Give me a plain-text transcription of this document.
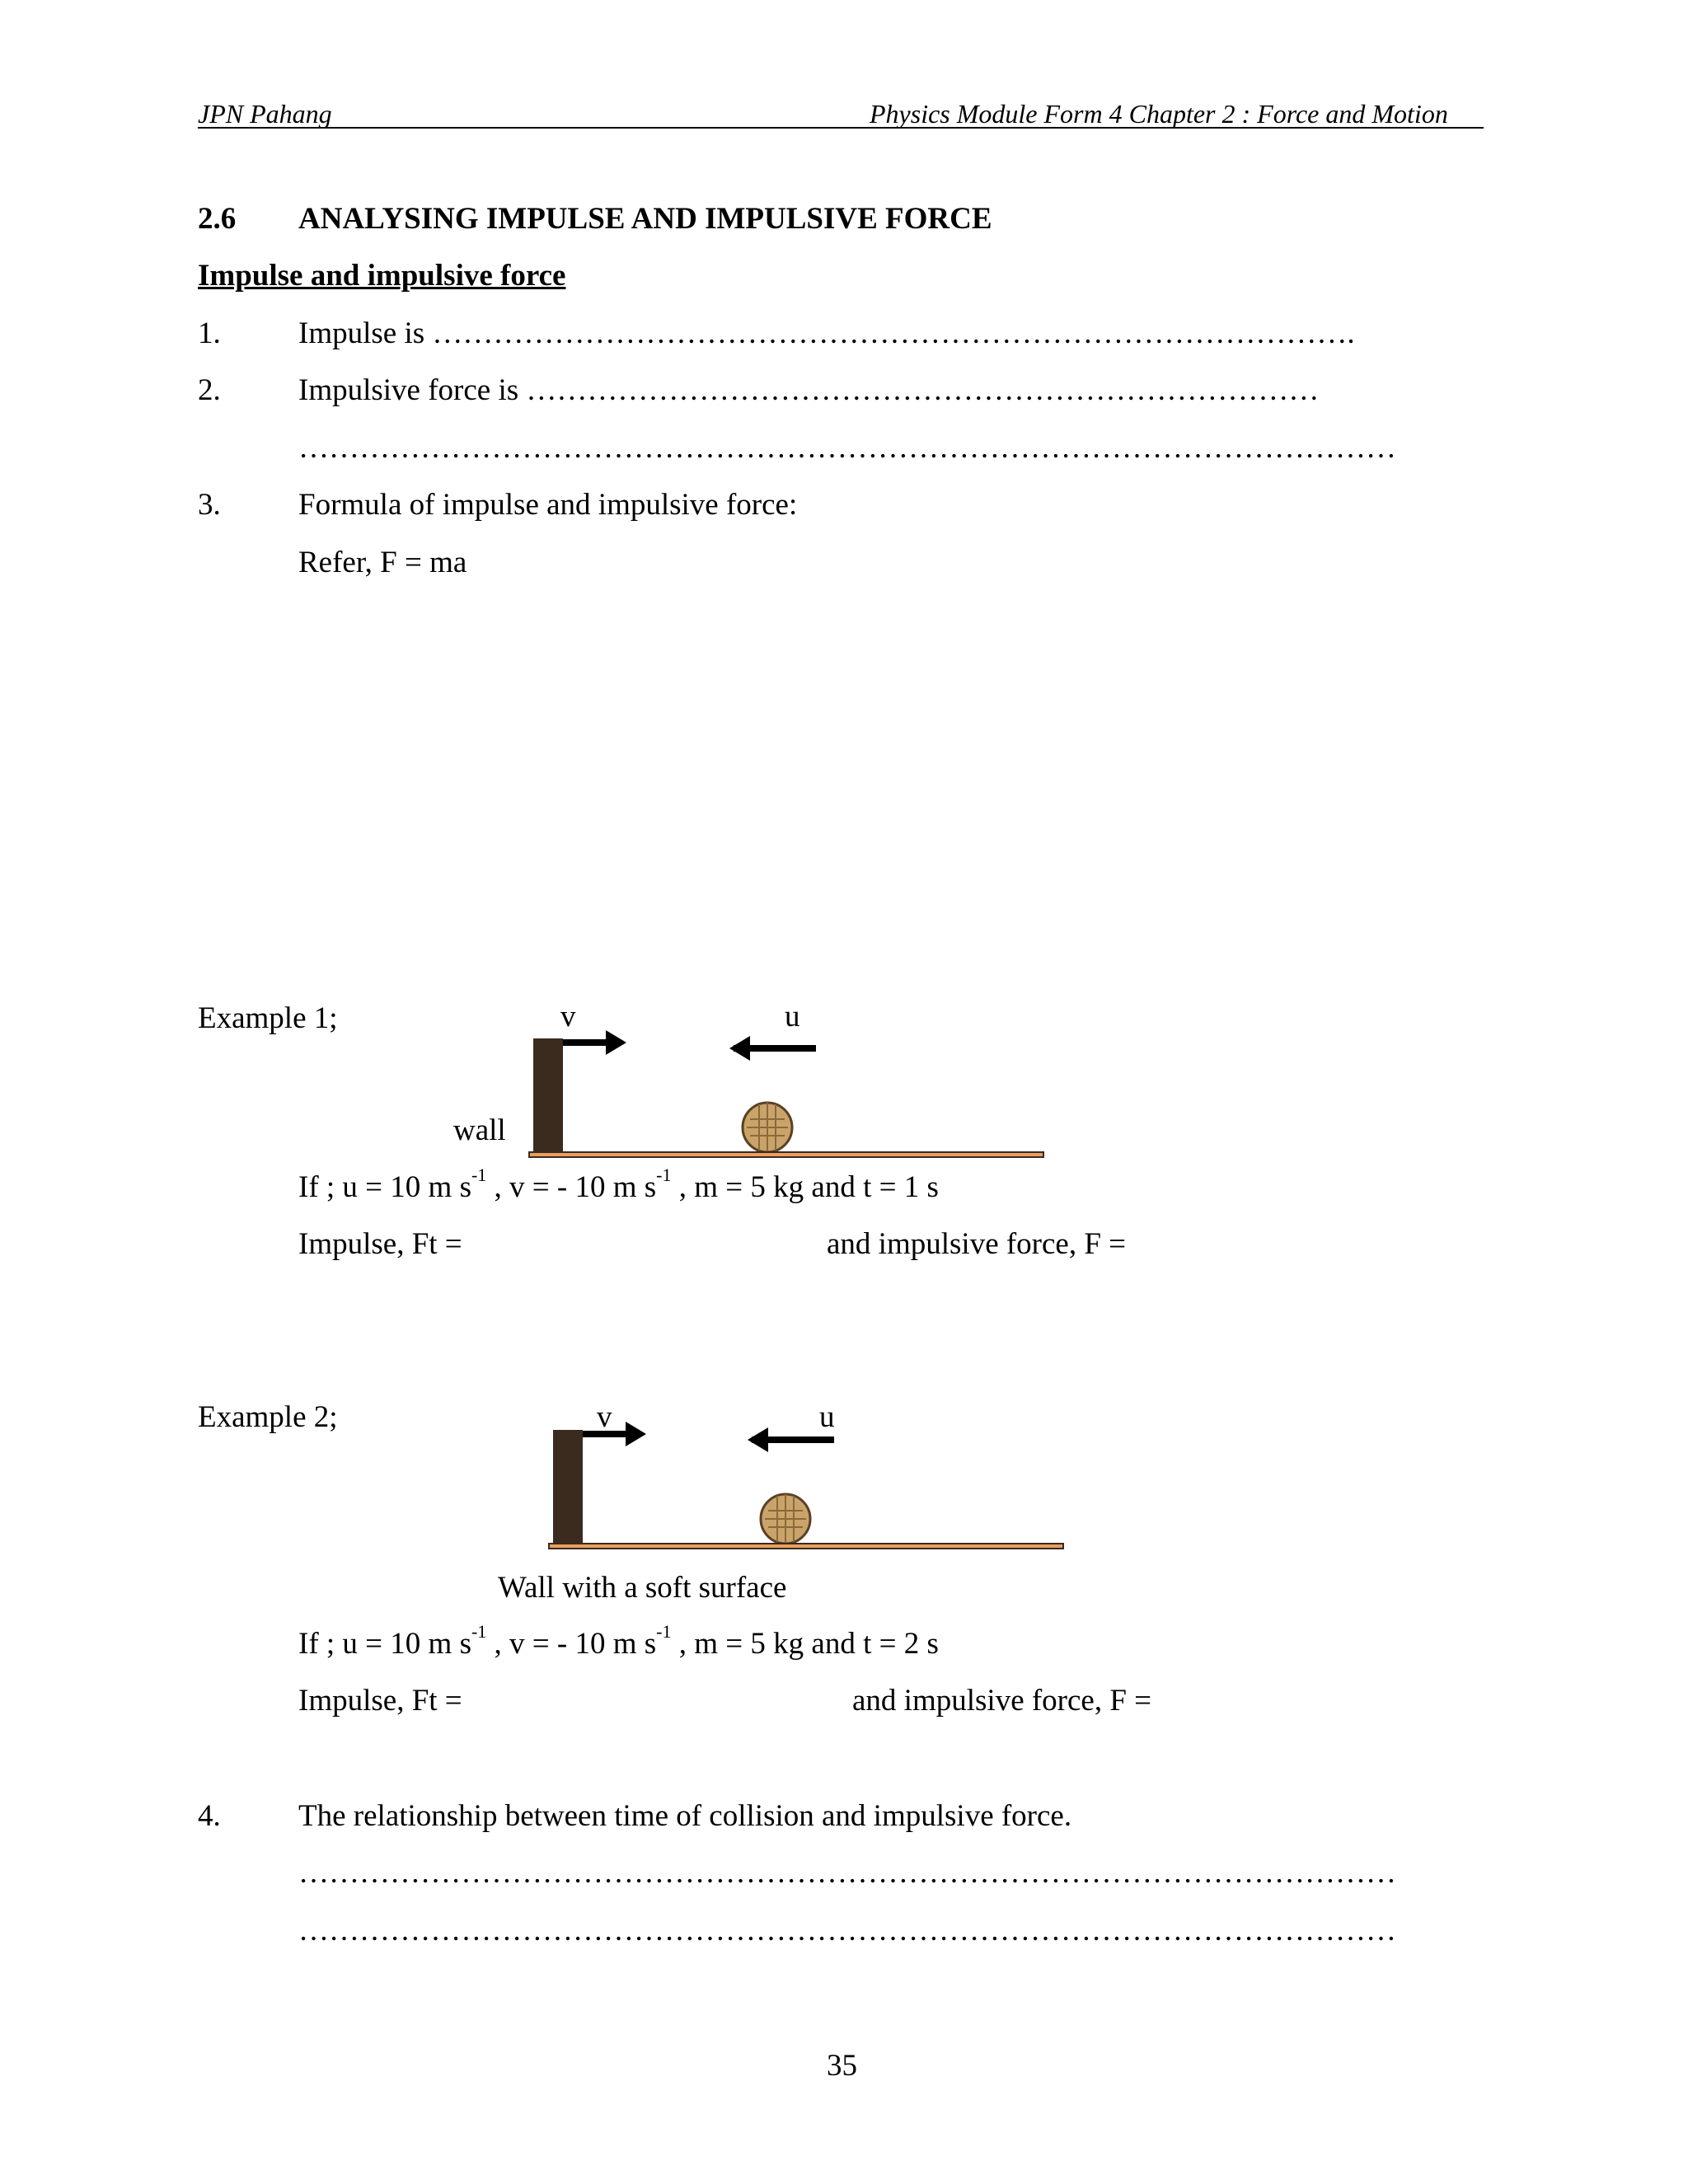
JPN Pahang	Physics Module Form 4 Chapter 2 : Force and Motion
2.6 ANALYSING IMPULSE AND IMPULSIVE FORCE
Impulse and impulsive force
1.	Impulse is ……………………………………………………………………………….
2.	Impulsive force is ……………………………………………………………………
………………………………………………………………………………………………
3.	Formula of impulse and impulsive force:
Refer, F = ma
Example 1;	v	u
wall
If ; u = 10 m $s^{-1}$ , v = - 10 m $s^{-1}$ , m = 5 kg and t = 1 s
Impulse, Ft =	and impulsive force, F =
Example 2;	v	u
Wall with a soft surface
If ; u = 10 m $s^{-1}$ , v = - 10 m $s^{-1}$ , m = 5 kg and t = 2 s
Impulse, Ft =	and impulsive force, F =
4.	The relationship between time of collision and impulsive force.
………………………………………………………………………………………………
………………………………………………………………………………………………
35
